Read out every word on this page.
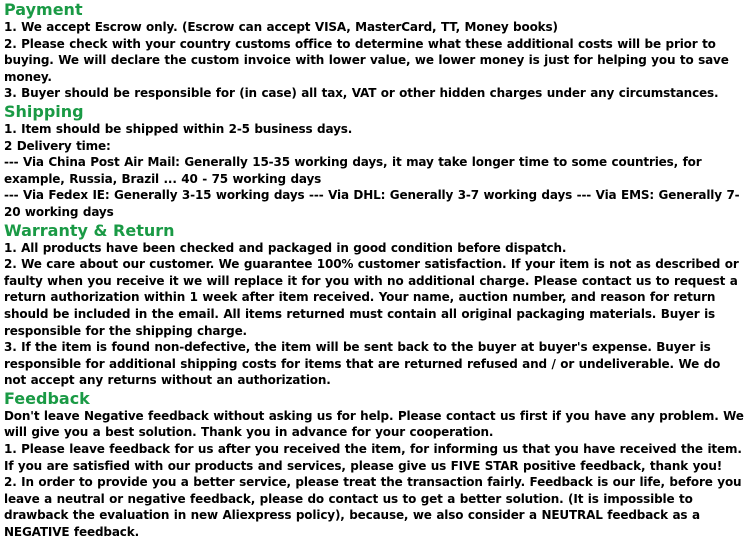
Payment

1. We accept Escrow only. (Escrow can accept VISA, MasterCard, TT, Money books)

2. Please check with your country customs office to determine what these additional costs will be prior to buying. We will declare the custom invoice with lower value, we lower money is just for helping you to save money.

3. Buyer should be responsible for (in case) all tax, VAT or other hidden charges under any circumstances.

Shipping

1. Item should be shipped within 2-5 business days.

2 Delivery time:

--- Via China Post Air Mail: Generally 15-35 working days, it may take longer time to some countries, for example, Russia, Brazil ... 40 - 75 working days

--- Via Fedex IE: Generally 3-15 working days --- Via DHL: Generally 3-7 working days --- Via EMS: Generally 7-20 working days

Warranty & Return

1. All products have been checked and packaged in good condition before dispatch.

2. We care about our customer. We guarantee 100% customer satisfaction. If your item is not as described or faulty when you receive it we will replace it for you with no additional charge. Please contact us to request a return authorization within 1 week after item received. Your name, auction number, and reason for return should be included in the email. All items returned must contain all original packaging materials. Buyer is responsible for the shipping charge.

3. If the item is found non-defective, the item will be sent back to the buyer at buyer's expense. Buyer is responsible for additional shipping costs for items that are returned refused and / or undeliverable. We do not accept any returns without an authorization.

Feedback

Don't leave Negative feedback without asking us for help. Please contact us first if you have any problem. We will give you a best solution. Thank you in advance for your cooperation.

1. Please leave feedback for us after you received the item, for informing us that you have received the item. If you are satisfied with our products and services, please give us FIVE STAR positive feedback, thank you!

2. In order to provide you a better service, please treat the transaction fairly. Feedback is our life, before you leave a neutral or negative feedback, please do contact us to get a better solution. (It is impossible to drawback the evaluation in new Aliexpress policy), because, we also consider a NEUTRAL feedback as a NEGATIVE feedback.
